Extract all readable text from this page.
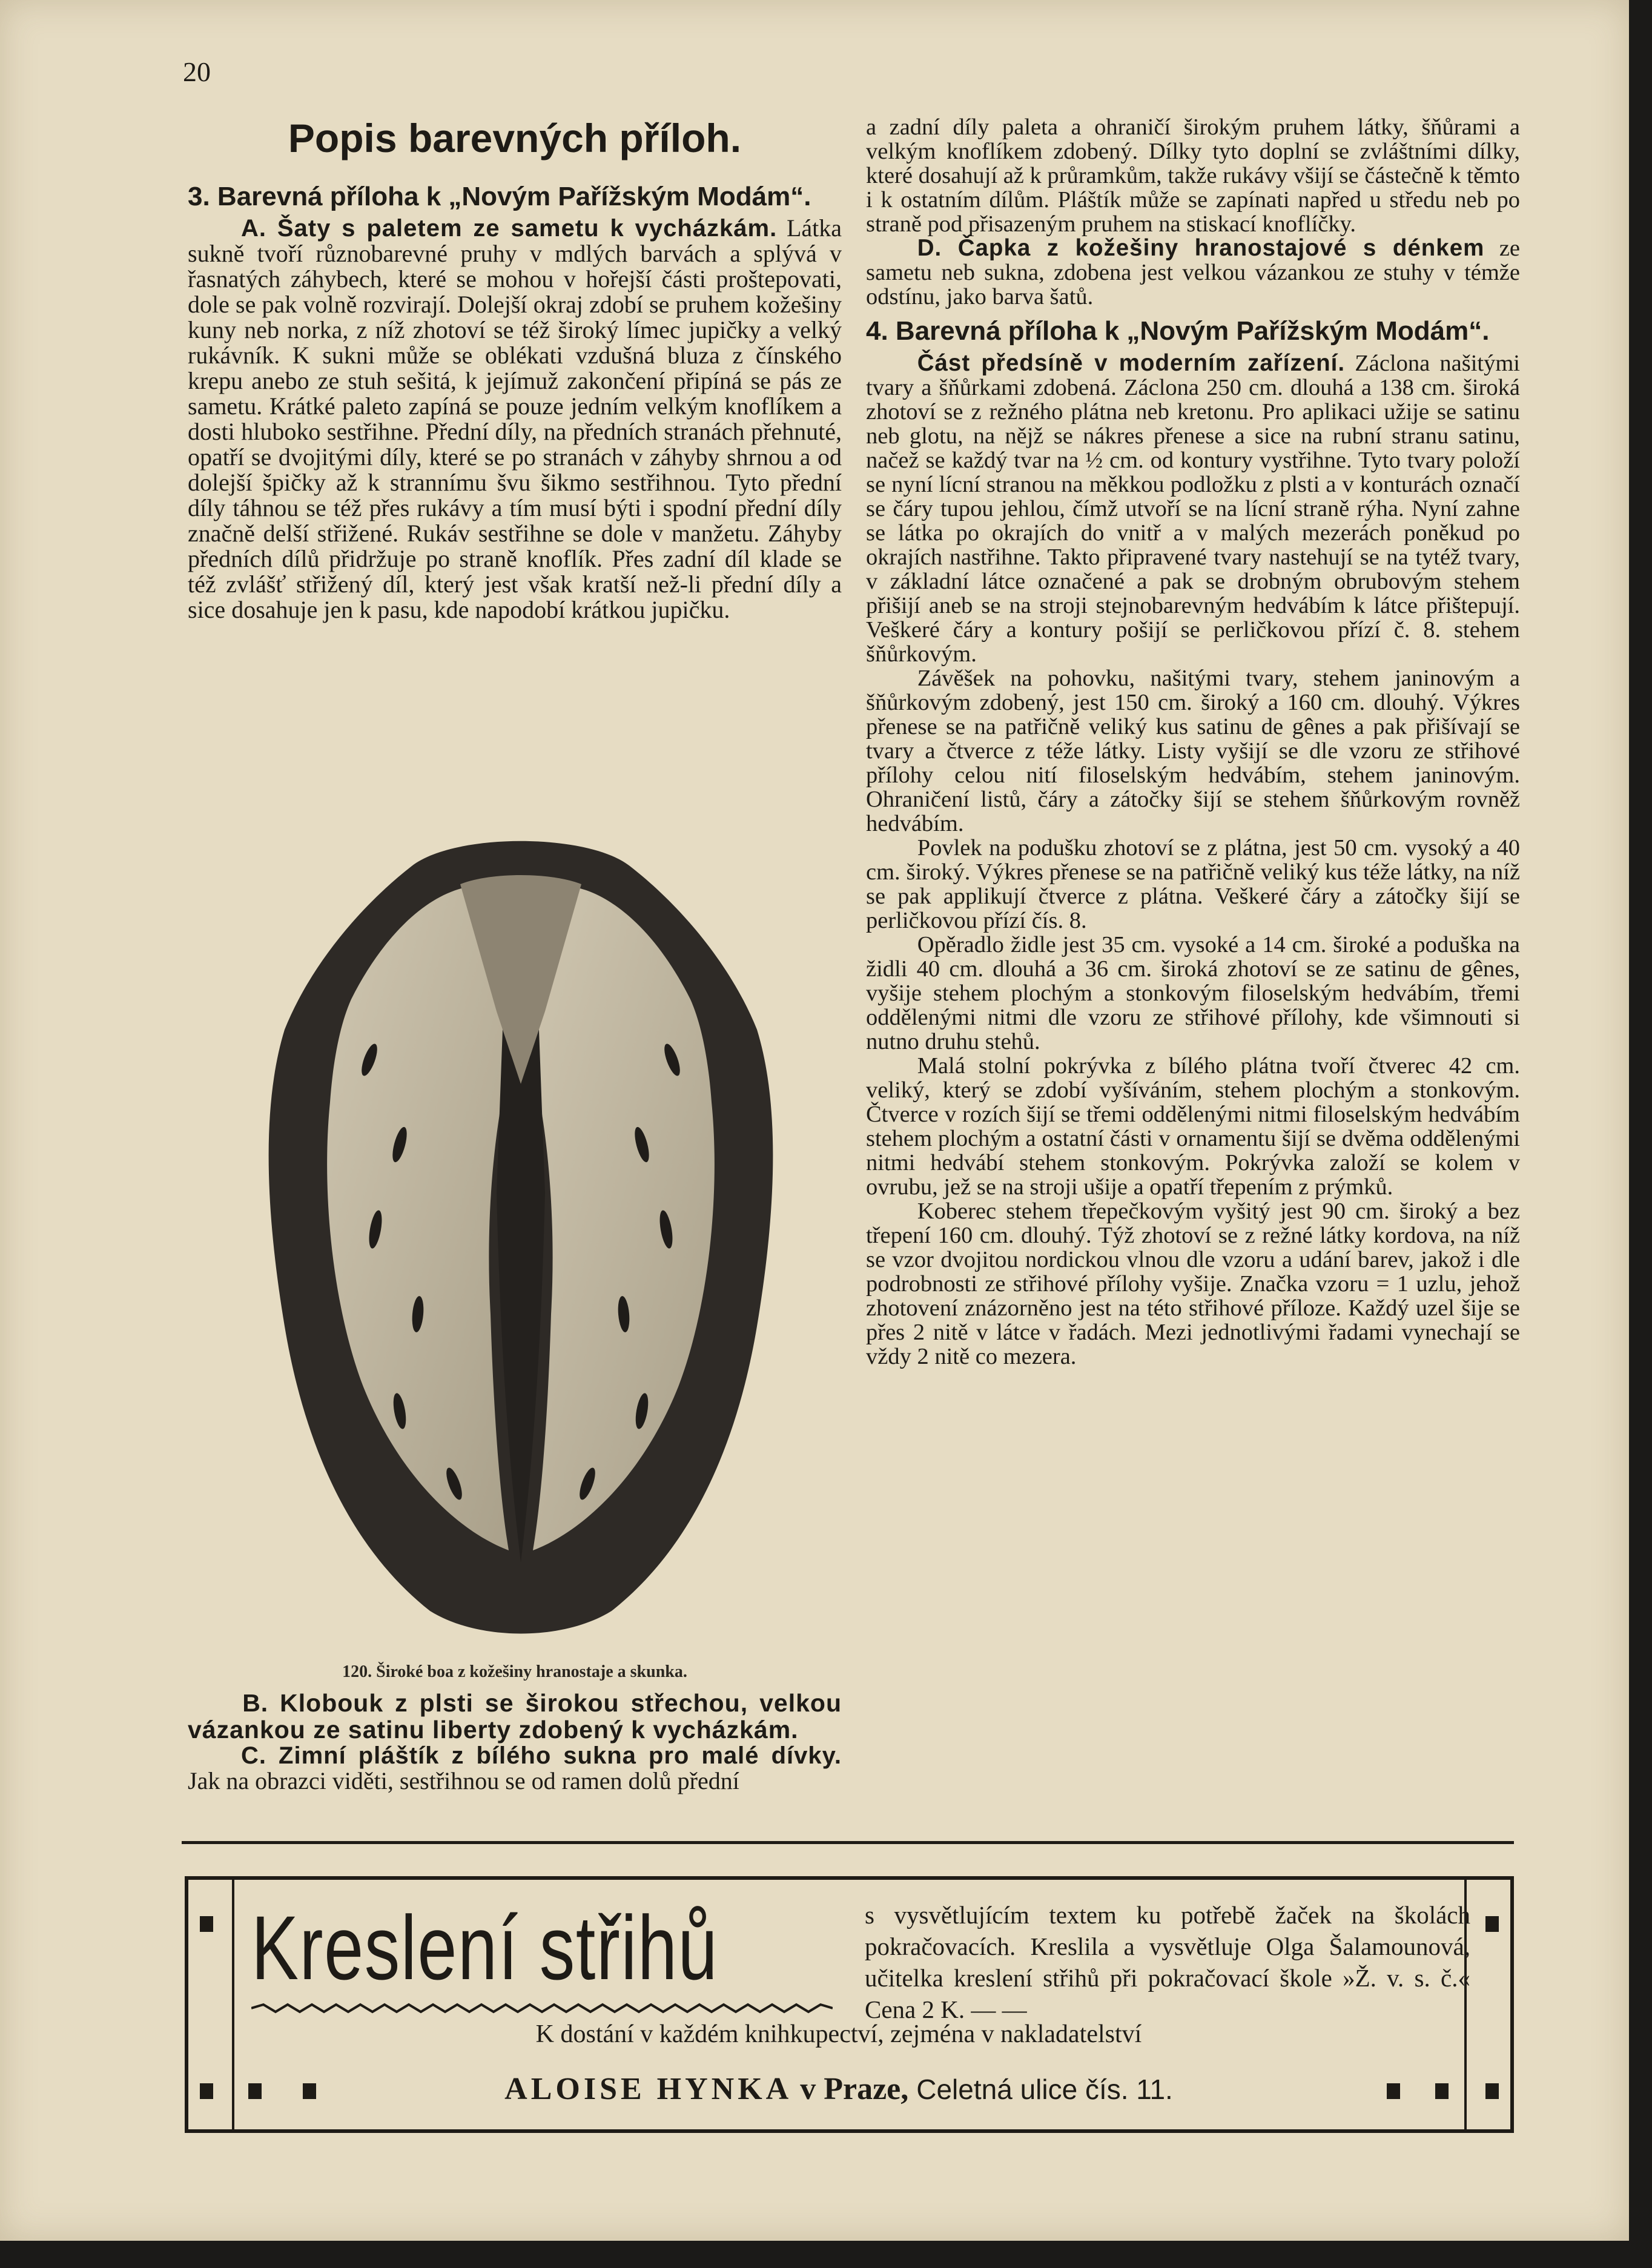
20
Popis barevných příloh.

3. Barevná příloha k „Novým Pařížským Modám“.

A. Šaty s paletem ze sametu k vycházkám. Látka sukně tvoří různobarevné pruhy v mdlých barvách a splývá v řasnatých záhybech, které se mohou v hořejší části proštepovati, dole se pak volně rozvirají. Dolejší okraj zdobí se pruhem kožešiny kuny neb norka, z níž zhotoví se též široký límec jupičky a velký rukávník. K sukni může se oblékati vzdušná bluza z čínského krepu anebo ze stuh sešitá, k jejímuž zakončení připíná se pás ze sametu. Krátké paleto zapíná se pouze jedním velkým knoflíkem a dosti hluboko sestřihne. Přední díly, na předních stranách přehnuté, opatří se dvojitými díly, které se po stranách v záhyby shrnou a od dolejší špičky až k strannímu švu šikmo sestřihnou. Tyto přední díly táhnou se též přes rukávy a tím musí býti i spodní přední díly značně delší střižené. Rukáv sestřihne se dole v manžetu. Záhyby předních dílů přidržuje po straně knoflík. Přes zadní díl klade se též zvlášť střižený díl, který jest však kratší než-li přední díly a sice dosahuje jen k pasu, kde napodobí krátkou jupičku.

120. Široké boa z kožešiny hranostaje a skunka.

B. Klobouk z plsti se širokou střechou, velkou vázankou ze satinu liberty zdobený k vycházkám.

C. Zimní pláštík z bílého sukna pro malé dívky. Jak na obrazci viděti, sestřihnou se od ramen dolů přední

a zadní díly paleta a ohraničí širokým pruhem látky, šňůrami a velkým knoflíkem zdobený. Dílky tyto doplní se zvláštními dílky, které dosahují až k průramkům, takže rukávy všijí se částečně k těmto i k ostatním dílům. Pláštík může se zapínati napřed u středu neb po straně pod přisazeným pruhem na stiskací knoflíčky.

D. Čapka z kožešiny hranostajové s dénkem ze sametu neb sukna, zdobena jest velkou vázankou ze stuhy v témže odstínu, jako barva šatů.

4. Barevná příloha k „Novým Pařížským Modám“.

Část předsíně v moderním zařízení. Záclona našitými tvary a šňůrkami zdobená. Záclona 250 cm. dlouhá a 138 cm. široká zhotoví se z režného plátna neb kretonu. Pro aplikaci užije se satinu neb glotu, na nějž se nákres přenese a sice na rubní stranu satinu, načež se každý tvar na ½ cm. od kontury vystřihne. Tyto tvary položí se nyní lícní stranou na měkkou podložku z plsti a v konturách označí se čáry tupou jehlou, čímž utvoří se na lícní straně rýha. Nyní zahne se látka po okrajích do vnitř a v malých mezerách poněkud po okrajích nastřihne. Takto připravené tvary nastehují se na tytéž tvary, v základní látce označené a pak se drobným obrubovým stehem přišijí aneb se na stroji stejnobarevným hedvábím k látce přištepují. Veškeré čáry a kontury pošijí se perličkovou přízí č. 8. stehem šňůrkovým.

Závěšek na pohovku, našitými tvary, stehem janinovým a šňůrkovým zdobený, jest 150 cm. široký a 160 cm. dlouhý. Výkres přenese se na patřičně veliký kus satinu de gênes a pak přišívají se tvary a čtverce z téže látky. Listy vyšijí se dle vzoru ze střihové přílohy celou nití filoselským hedvábím, stehem janinovým. Ohraničení listů, čáry a zátočky šijí se stehem šňůrkovým rovněž hedvábím.

Povlek na podušku zhotoví se z plátna, jest 50 cm. vysoký a 40 cm. široký. Výkres přenese se na patřičně veliký kus téže látky, na níž se pak applikují čtverce z plátna. Veškeré čáry a zátočky šijí se perličkovou přízí čís. 8.

Opěradlo židle jest 35 cm. vysoké a 14 cm. široké a poduška na židli 40 cm. dlouhá a 36 cm. široká zhotoví se ze satinu de gênes, vyšije stehem plochým a stonkovým filoselským hedvábím, třemi oddělenými nitmi dle vzoru ze střihové přílohy, kde všimnouti si nutno druhu stehů.

Malá stolní pokrývka z bílého plátna tvoří čtverec 42 cm. veliký, který se zdobí vyšíváním, stehem plochým a stonkovým. Čtverce v rozích šijí se třemi oddělenými nitmi filoselským hedvábím stehem plochým a ostatní části v ornamentu šijí se dvěma oddělenými nitmi hedvábí stehem stonkovým. Pokrývka založí se kolem v ovrubu, jež se na stroji ušije a opatří třepením z prýmků.

Koberec stehem třepečkovým vyšitý jest 90 cm. široký a bez třepení 160 cm. dlouhý. Týž zhotoví se z režné látky kordova, na níž se vzor dvojitou nordickou vlnou dle vzoru a udání barev, jakož i dle podrobnosti ze střihové přílohy vyšije. Značka vzoru = 1 uzlu, jehož zhotovení znázorněno jest na této střihové příloze. Každý uzel šije se přes 2 nitě v látce v řadách. Mezi jednotlivými řadami vynechají se vždy 2 nitě co mezera.

Kreslení střihů	s vysvětlujícím textem ku potřebě žaček na školách pokračovacích. Kreslila a vysvětluje Olga Šalamounová, učitelka kreslení střihů při pokračovací škole »Ž. v. s. č.« Cena 2 K. — —
K dostání v každém knihkupectví, zejména v nakladatelství
ALOISE HYNKA v Praze, Celetná ulice čís. 11.
